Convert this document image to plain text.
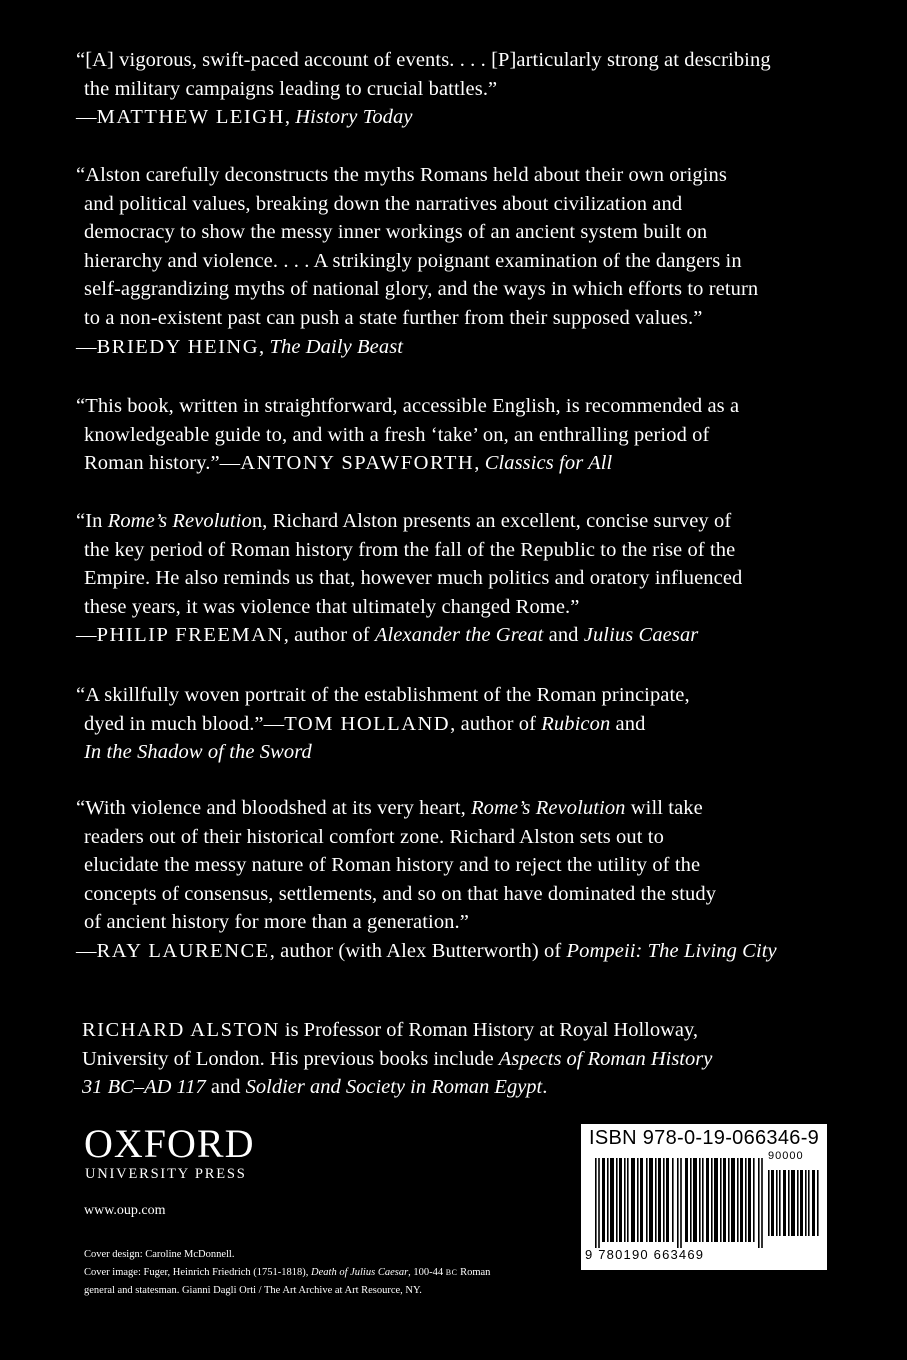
“[A] vigorous, swift-paced account of events. . . . [P]articularly strong at describing

the military campaigns leading to crucial battles.”

—MATTHEW LEIGH, History Today

“Alston carefully deconstructs the myths Romans held about their own origins

and political values, breaking down the narratives about civilization and

democracy to show the messy inner workings of an ancient system built on

hierarchy and violence. . . . A strikingly poignant examination of the dangers in

self-aggrandizing myths of national glory, and the ways in which efforts to return

to a non-existent past can push a state further from their supposed values.”

—BRIEDY HEING, The Daily Beast

“This book, written in straightforward, accessible English, is recommended as a

knowledgeable guide to, and with a fresh ‘take’ on, an enthralling period of

Roman history.”—ANTONY SPAWFORTH, Classics for All

“In Rome’s Revolution, Richard Alston presents an excellent, concise survey of

the key period of Roman history from the fall of the Republic to the rise of the

Empire. He also reminds us that, however much politics and oratory influenced

these years, it was violence that ultimately changed Rome.”

—PHILIP FREEMAN, author of Alexander the Great and Julius Caesar

“A skillfully woven portrait of the establishment of the Roman principate,

dyed in much blood.”—TOM HOLLAND, author of Rubicon and

In the Shadow of the Sword

“With violence and bloodshed at its very heart, Rome’s Revolution will take

readers out of their historical comfort zone. Richard Alston sets out to

elucidate the messy nature of Roman history and to reject the utility of the

concepts of consensus, settlements, and so on that have dominated the study

of ancient history for more than a generation.”

—RAY LAURENCE, author (with Alex Butterworth) of Pompeii: The Living City

RICHARD ALSTON is Professor of Roman History at Royal Holloway,

University of London. His previous books include Aspects of Roman History

31 BC–AD 117 and Soldier and Society in Roman Egypt.

OXFORD
UNIVERSITY PRESS
www.oup.com

Cover design: Caroline McDonnell.

Cover image: Fuger, Heinrich Friedrich (1751-1818), Death of Julius Caesar, 100-44 BC Roman

general and statesman. Gianni Dagli Orti / The Art Archive at Art Resource, NY.

ISBN 978-0-19-066346-9
90000
9 780190 663469
